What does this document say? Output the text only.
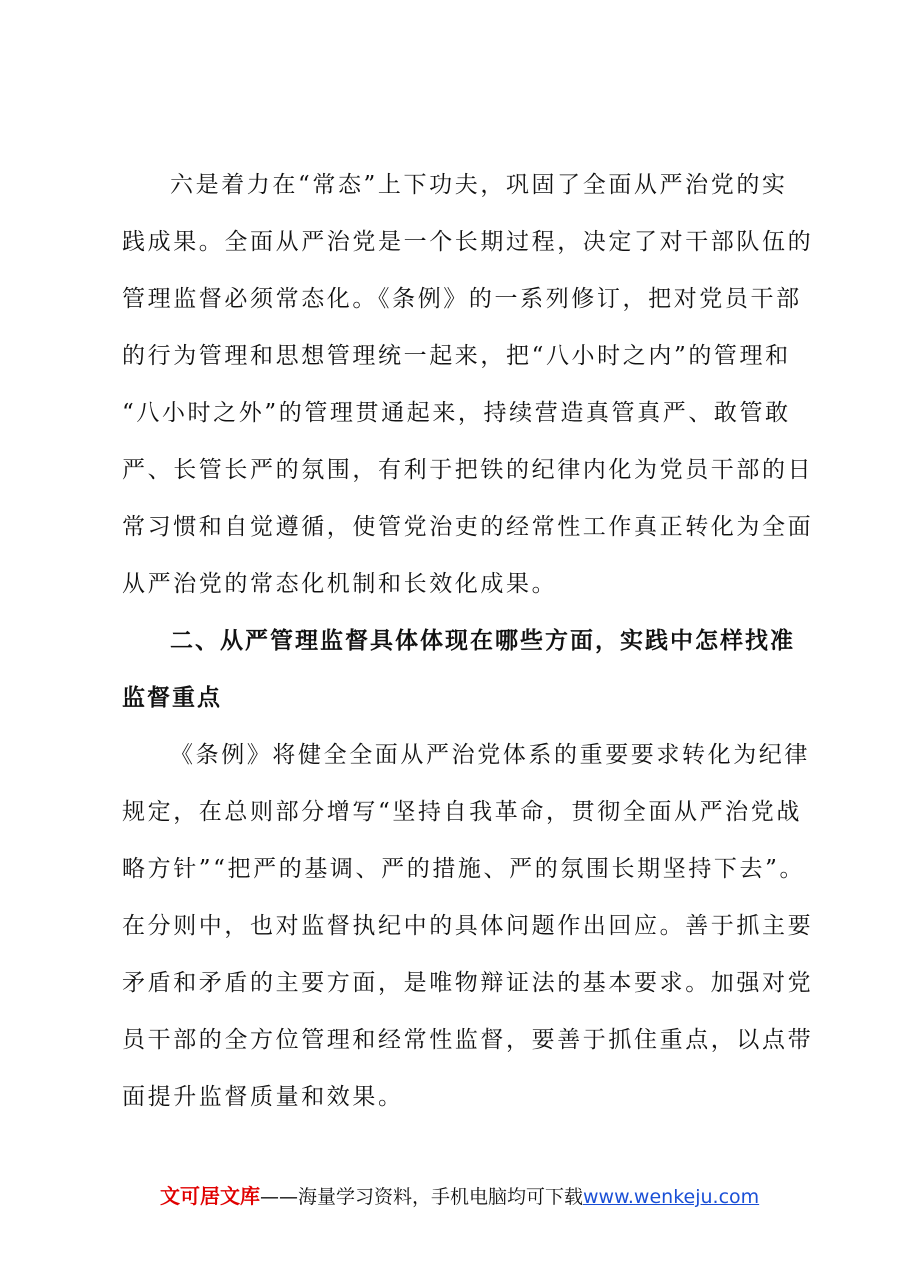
六是着力在“常态”上下功夫，巩固了全面从严治党的实
践成果。全面从严治党是一个长期过程，决定了对干部队伍的
管理监督必须常态化。《条例》的一系列修订，把对党员干部
的行为管理和思想管理统一起来，把“八小时之内”的管理和
“八小时之外”的管理贯通起来，持续营造真管真严、敢管敢
严、长管长严的氛围，有利于把铁的纪律内化为党员干部的日
常习惯和自觉遵循，使管党治吏的经常性工作真正转化为全面
从严治党的常态化机制和长效化成果。
二、从严管理监督具体体现在哪些方面，实践中怎样找准
监督重点
《条例》将健全全面从严治党体系的重要要求转化为纪律
规定，在总则部分增写“坚持自我革命，贯彻全面从严治党战
略方针”“把严的基调、严的措施、严的氛围长期坚持下去”。
在分则中，也对监督执纪中的具体问题作出回应。善于抓主要
矛盾和矛盾的主要方面，是唯物辩证法的基本要求。加强对党
员干部的全方位管理和经常性监督，要善于抓住重点，以点带
面提升监督质量和效果。
文可居文库——海量学习资料，手机电脑均可下载www.wenkeju.com
